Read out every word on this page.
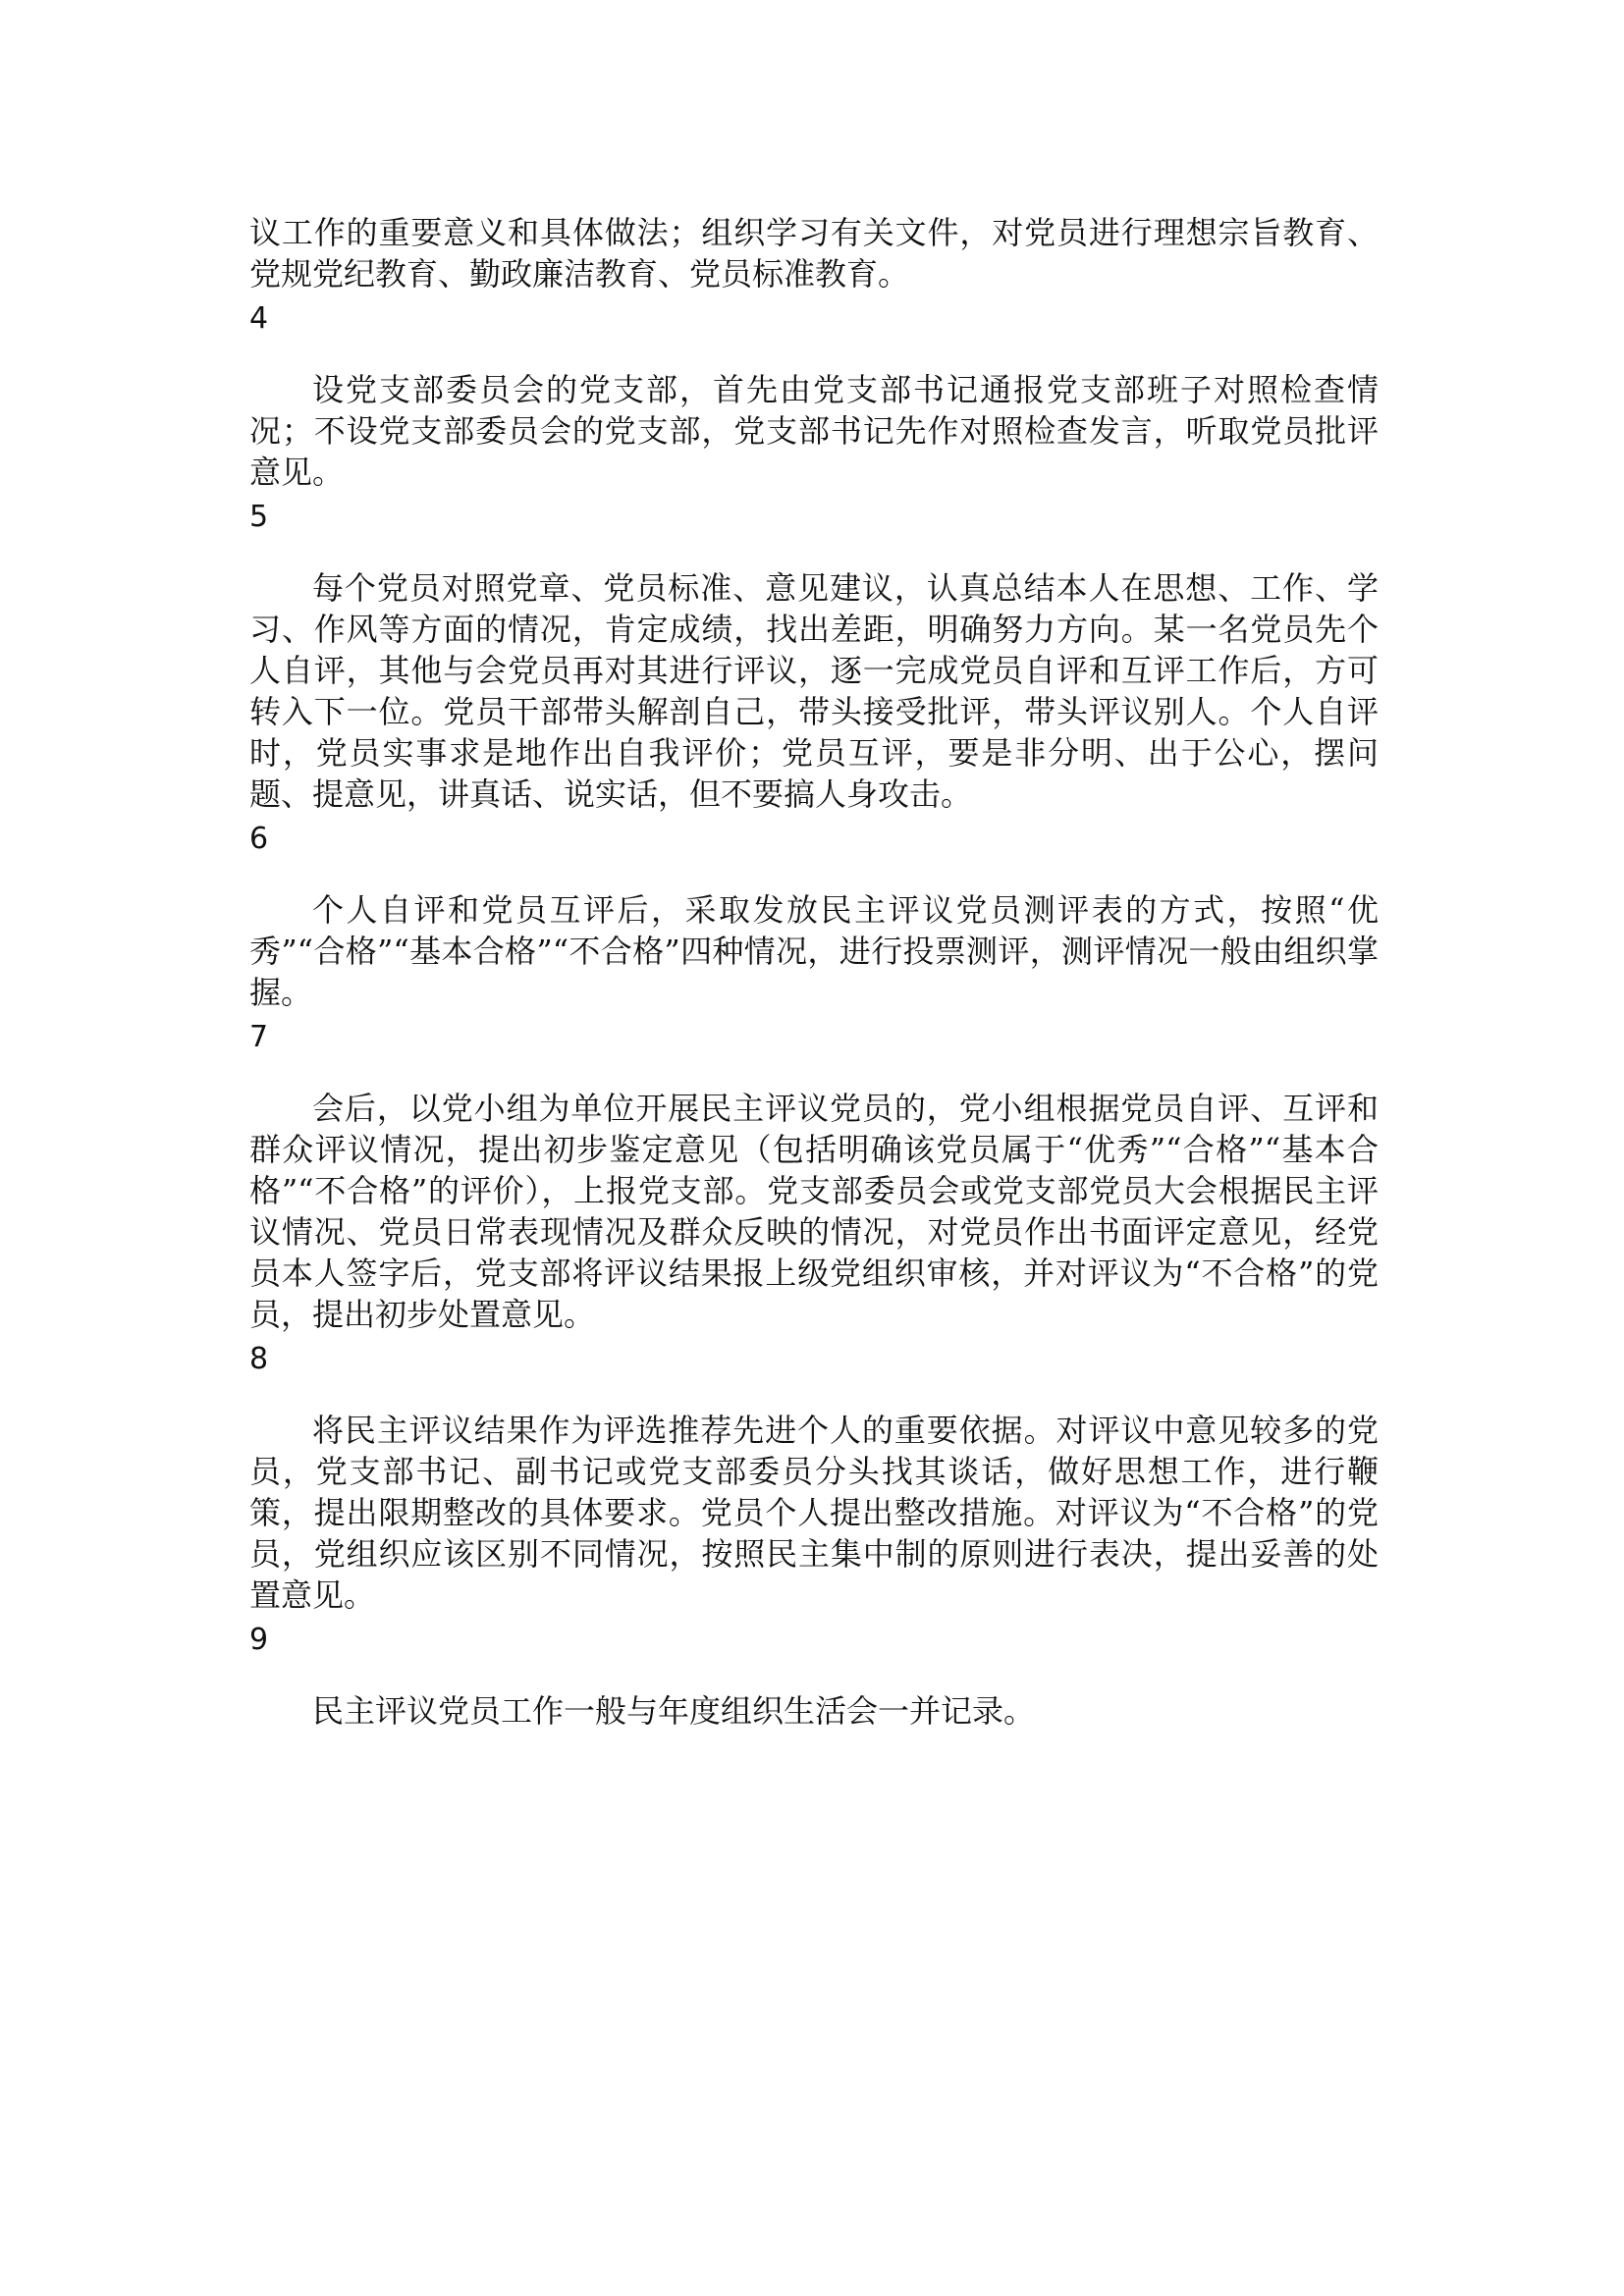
议工作的重要意义和具体做法；组织学习有关文件，对党员进行理想宗旨教育、党规党纪教育、勤政廉洁教育、党员标准教育。

4

设党支部委员会的党支部，首先由党支部书记通报党支部班子对照检查情况；不设党支部委员会的党支部，党支部书记先作对照检查发言，听取党员批评意见。

5

每个党员对照党章、党员标准、意见建议，认真总结本人在思想、工作、学习、作风等方面的情况，肯定成绩，找出差距，明确努力方向。某一名党员先个人自评，其他与会党员再对其进行评议，逐一完成党员自评和互评工作后，方可转入下一位。党员干部带头解剖自己，带头接受批评，带头评议别人。个人自评时，党员实事求是地作出自我评价；党员互评，要是非分明、出于公心，摆问题、提意见，讲真话、说实话，但不要搞人身攻击。

6

个人自评和党员互评后，采取发放民主评议党员测评表的方式，按照“优秀”“合格”“基本合格”“不合格”四种情况，进行投票测评，测评情况一般由组织掌握。

7

会后，以党小组为单位开展民主评议党员的，党小组根据党员自评、互评和群众评议情况，提出初步鉴定意见（包括明确该党员属于“优秀”“合格”“基本合格”“不合格”的评价），上报党支部。党支部委员会或党支部党员大会根据民主评议情况、党员日常表现情况及群众反映的情况，对党员作出书面评定意见，经党员本人签字后，党支部将评议结果报上级党组织审核，并对评议为“不合格”的党员，提出初步处置意见。

8

将民主评议结果作为评选推荐先进个人的重要依据。对评议中意见较多的党员，党支部书记、副书记或党支部委员分头找其谈话，做好思想工作，进行鞭策，提出限期整改的具体要求。党员个人提出整改措施。对评议为“不合格”的党员，党组织应该区别不同情况，按照民主集中制的原则进行表决，提出妥善的处置意见。

9

民主评议党员工作一般与年度组织生活会一并记录。
